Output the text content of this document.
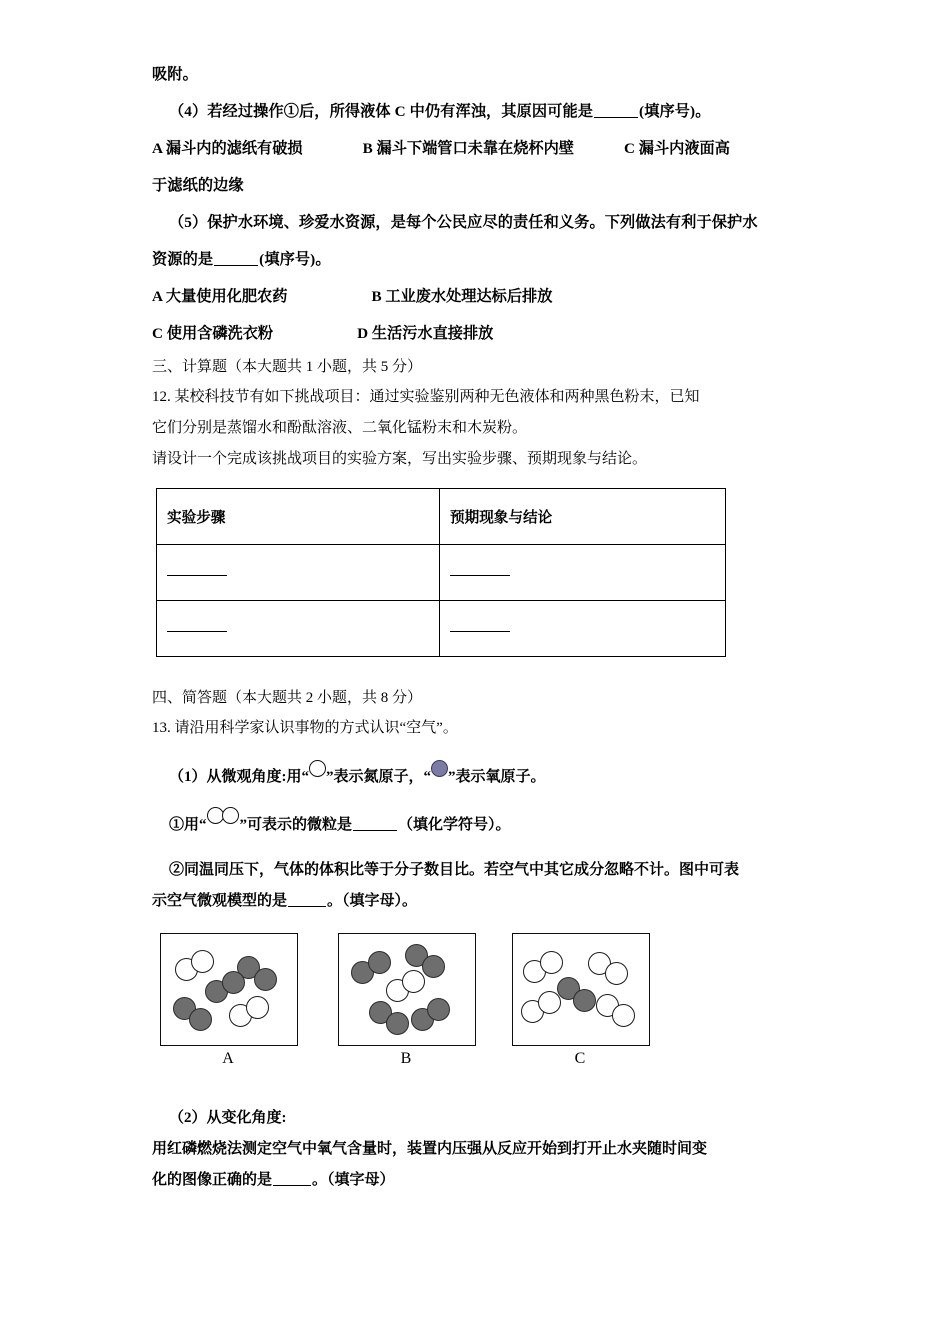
吸附。
（4）若经过操作①后，所得液体 C 中仍有浑浊，其原因可能是	(填序号)。
A 漏斗内的滤纸有破损	B 漏斗下端管口未靠在烧杯内壁	C 漏斗内液面高
于滤纸的边缘
（5）保护水环境、珍爱水资源，是每个公民应尽的责任和义务。下列做法有利于保护水
资源的是	(填序号)。
A 大量使用化肥农药	B 工业废水处理达标后排放
C 使用含磷洗衣粉	D 生活污水直接排放
三、计算题（本大题共 1 小题，共 5 分）
12. 某校科技节有如下挑战项目：通过实验鉴别两种无色液体和两种黑色粉末，已知
它们分别是蒸馏水和酚酞溶液、二氧化锰粉末和木炭粉。
请设计一个完成该挑战项目的实验方案，写出实验步骤、预期现象与结论。
实验步骤	预期现象与结论

四、简答题（本大题共 2 小题，共 8 分）
13. 请沿用科学家认识事物的方式认识“空气”。
（1）从微观角度:用“ ”表示氮原子，“ ”表示氧原子。
①用“ ”可表示的微粒是	（填化学符号）。
②同温同压下，气体的体积比等于分子数目比。若空气中其它成分忽略不计。图中可表
示空气微观模型的是	。（填字母）。
A	B	C
（2）从变化角度:
用红磷燃烧法测定空气中氧气含量时，装置内压强从反应开始到打开止水夹随时间变
化的图像正确的是	。（填字母）
